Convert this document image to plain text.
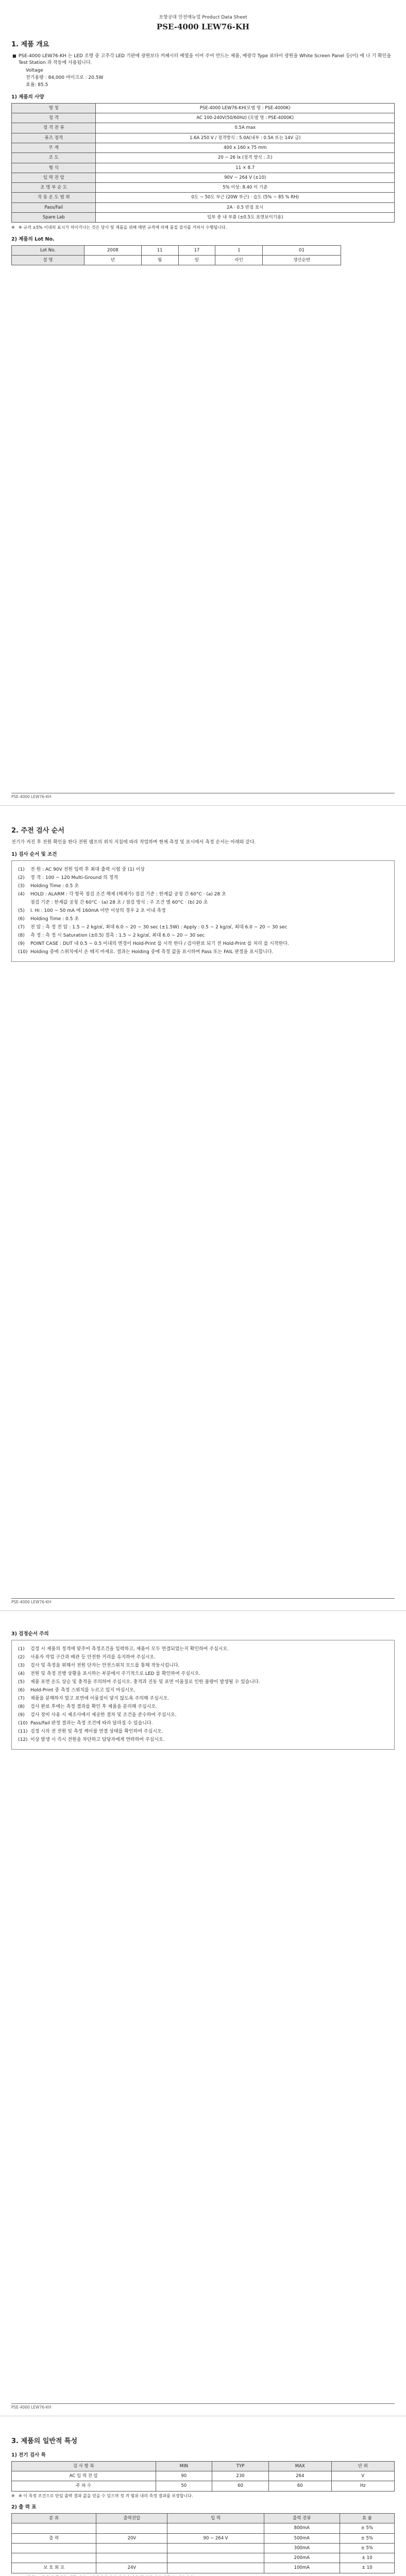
포항공대 안전매뉴얼 Product Data Sheet
PSE-4000 LEW76-KH
1. 제품 개요
■ PSE-4000 LEW76-KH 는 LED 조명 중 고추각 LED 기판에 광원보다 커패시터 배열을 이어 주어 만드는 제품, 배광각 Type 료타이 광원을 White Screen Panel 등(이) 에 나 기 확인을 Test Station 과 작동에 사용됩니다.
Voltage
전기용량 : 84,000 마이크로 : 20.5W
효율: 85.5
1) 제품의 사양
명 칭	PSE-4000 LEW76-KH(모델 명 : PSE-4000K)
정 격	AC 100-240V(50/60Hz) (모델 명 : PSE-4000K)
정 격 전 류	0.5A max
퓨즈 정격	1.6A 250 V / 정격방식 : 5.0A(내부 : 0.5A 또는 14V 급)
무 게	400 x 160 x 75 mm
조 도	20 ~ 26 lx (정격 방식 : 초)
형 식	11 × 8.7
입 력 전 압	90V ~ 264 V (±10)
조 명 부 순 도	5% 이상: 8.40 이 기준
작 동 온 도 범 위	0도 ~ 50도 부근 (20W 부근) · 습도 (5% ~ 85 % RH)
Pass/Fail	2A · 0.5 반점 표시
Spare Lab	입부 중 내 부품 (±0.5도 표면보이기용)
※ ※ 규격 ±5% 이내의 표시가 차이가나는 것은 당사 및 제품을 위해 매번 규격에 의해 품질 검사를 거쳐서 수행됩니다.
2) 제품의 Lot No.
Lot No.	2008	11	17	1	01
설 명	년	월	일	라인	생산순번
PSE-4000 LEW76-KH
2. 주전 검사 순서
전기가 켜진 후 전원 확인을 한다 전원 램프의 위치 지침에 따라 작업하며 현재 측정 및 표시에서 측정 순서는 아래와 같다.
1) 검사 순서 및 조건
(1) 전 원 : AC 90V 전원 입력 후 최대 출력 시험 중 (1) 이상
(2) 정 격 : 100 ~ 120 Multi-Ground 의 정격
(3) Holding Time : 0.5 초
(4) HOLD : ALARM : 각 항목 점검 조건 해제 (해제가) 점검 기준 : 한계값 공칭 간 60°C · (a) 28 초
점검 기준 : 한계값 공칭 간 60°C · (a) 28 초 / 점검 방식 : 주 조건 별 60°C · (b) 20 초
(5) I. Hi : 100 ~ 50 mA 에 160mA 미만 이상의 경우 2 초 이내 측정
(6) Holding Time : 0.5 초
(7) 전 압 : 측 정 전 압 : 1.5 ~ 2 kg/㎠, 최대 6.0 ~ 20 ~ 30 sec (±1.5W) : Apply : 0.5 ~ 2 kg/㎠, 최대 6.0 ~ 20 ~ 30 sec
(8) 측 정 : 측 정 시 Saturation (±0.5) 접촉 : 1.5 ~ 2 kg/㎠, 최대 6.0 ~ 20 ~ 30 sec
(9) POINT CASE : DUT 내 0.5 ~ 0.5 이내의 변경이 Hold-Print 를 시작 한다 / 검사완료 되기 전 Hold-Print 를 처리 를 시작한다.
(10) Holding 중에 스위치에서 손 떼지 마세요. 결과는 Holding 중에 측정 값을 표시하며 Pass 또는 FAIL 판정을 표시합니다.
PSE-4000 LEW76-KH
3) 검정순서 주의
(1) 검정 시 제품의 정격에 맞추어 측정조건을 입력하고, 제품이 모두 연결되었는지 확인하여 주십시오.
(2) 사용자 작업 구간과 배관 등 안전한 거리를 유지하여 주십시오.
(3) 검사 및 측정을 위해서 전원 단자는 안전스위치 모드를 통해 작동시킵니다.
(4) 전원 및 측정 진행 상황을 표시하는 부분에서 주기적으로 LED 를 확인하여 주십시오.
(5) 제품 표면 온도 상승 및 충격을 주의하여 주십시오. 충격과 진동 및 표면 이물질로 인한 불량이 발생될 수 있습니다.
(6) Hold-Print 중 측정 스위치를 누르고 있지 마십시오.
(7) 제품을 분해하지 말고 표면에 이물질이 닿지 않도록 주의해 주십시오.
(8) 검사 완료 후에는 측정 결과를 확인 후 제품을 분리해 주십시오.
(9) 검사 장비 사용 시 제조사에서 제공한 절차 및 조건을 준수하여 주십시오.
(10) Pass/Fail 판정 결과는 측정 조건에 따라 달라질 수 있습니다.
(11) 검정 시작 전 전원 및 측정 케이블 연결 상태를 확인하여 주십시오.
(12) 이상 발생 시 즉시 전원을 차단하고 담당자에게 연락하여 주십시오.
PSE-4000 LEW76-KH
3. 제품의 일반적 특성
1) 전기 검사 특
검 사 항 목	MIN	TYP	MAX	단 위
AC 입 력 전 압	90	230	264	V
주 파 수	50	60	60	Hz
※ ※ 이 측정 조건으로 단일 출력 결과 값을 얻을 수 있으며 정 격 범위 내의 측정 결과를 보장합니다.
2) 출 력 표
분 류	출력전압	입 력	출력 전류	효 율
			800mA	± 5%
출 력	20V	90 ~ 264 V	500mA	± 5%
			300mA	± 5%
			200mA	± 10
보 호 회 로	24V		100mA	± 10
※
